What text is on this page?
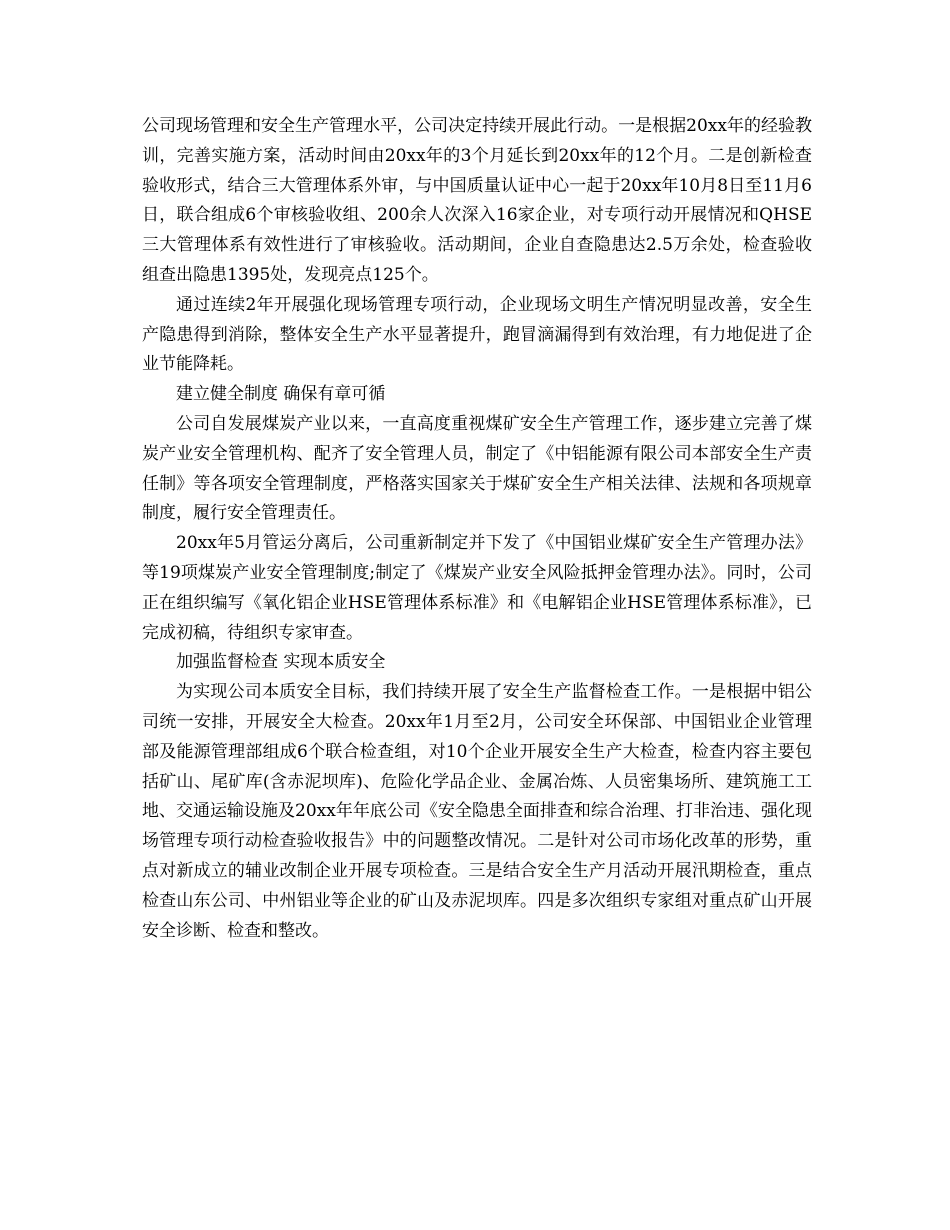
公司现场管理和安全生产管理水平，公司决定持续开展此行动。一是根据20xx年的经验教训，完善实施方案，活动时间由20xx年的3个月延长到20xx年的12个月。二是创新检查验收形式，结合三大管理体系外审，与中国质量认证中心一起于20xx年10月8日至11月6日，联合组成6个审核验收组、200余人次深入16家企业，对专项行动开展情况和QHSE三大管理体系有效性进行了审核验收。活动期间，企业自查隐患达2.5万余处，检查验收组查出隐患1395处，发现亮点125个。

通过连续2年开展强化现场管理专项行动，企业现场文明生产情况明显改善，安全生产隐患得到消除，整体安全生产水平显著提升，跑冒滴漏得到有效治理，有力地促进了企业节能降耗。

建立健全制度 确保有章可循

公司自发展煤炭产业以来，一直高度重视煤矿安全生产管理工作，逐步建立完善了煤炭产业安全管理机构、配齐了安全管理人员，制定了《中铝能源有限公司本部安全生产责任制》等各项安全管理制度，严格落实国家关于煤矿安全生产相关法律、法规和各项规章制度，履行安全管理责任。

20xx年5月管运分离后，公司重新制定并下发了《中国铝业煤矿安全生产管理办法》等19项煤炭产业安全管理制度;制定了《煤炭产业安全风险抵押金管理办法》。同时，公司正在组织编写《氧化铝企业HSE管理体系标准》和《电解铝企业HSE管理体系标准》，已完成初稿，待组织专家审查。

加强监督检查 实现本质安全

为实现公司本质安全目标，我们持续开展了安全生产监督检查工作。一是根据中铝公司统一安排，开展安全大检查。20xx年1月至2月，公司安全环保部、中国铝业企业管理部及能源管理部组成6个联合检查组，对10个企业开展安全生产大检查，检查内容主要包括矿山、尾矿库(含赤泥坝库)、危险化学品企业、金属冶炼、人员密集场所、建筑施工工地、交通运输设施及20xx年年底公司《安全隐患全面排查和综合治理、打非治违、强化现场管理专项行动检查验收报告》中的问题整改情况。二是针对公司市场化改革的形势，重点对新成立的辅业改制企业开展专项检查。三是结合安全生产月活动开展汛期检查，重点检查山东公司、中州铝业等企业的矿山及赤泥坝库。四是多次组织专家组对重点矿山开展安全诊断、检查和整改。
